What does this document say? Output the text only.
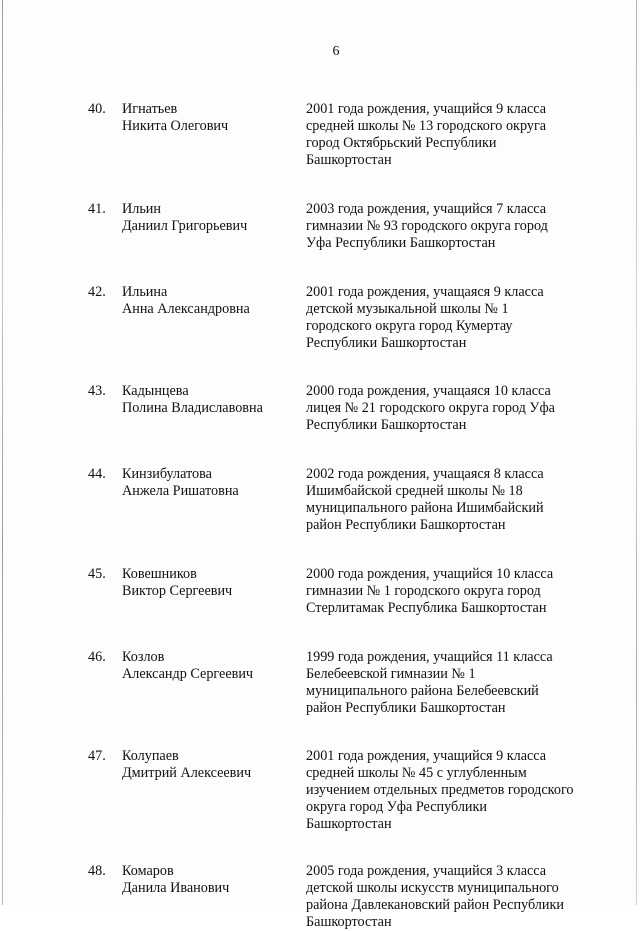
6
40.	Игнатьев
Никита Олегович
2001 года рождения, учащийся 9 класса
средней школы № 13 городского округа
город Октябрьский Республики
Башкортостан
41.	Ильин
Даниил Григорьевич
2003 года рождения, учащийся 7 класса
гимназии № 93 городского округа город
Уфа Республики Башкортостан
42.	Ильина
Анна Александровна
2001 года рождения, учащаяся 9 класса
детской музыкальной школы № 1
городского округа город Кумертау
Республики Башкортостан
43.	Кадынцева
Полина Владиславовна
2000 года рождения, учащаяся 10 класса
лицея № 21 городского округа город Уфа
Республики Башкортостан
44.	Кинзибулатова
Анжела Ришатовна
2002 года рождения, учащаяся 8 класса
Ишимбайской средней школы № 18
муниципального района Ишимбайский
район Республики Башкортостан
45.	Ковешников
Виктор Сергеевич
2000 года рождения, учащийся 10 класса
гимназии № 1 городского округа город
Стерлитамак Республика Башкортостан
46.	Козлов
Александр Сергеевич
1999 года рождения, учащийся 11 класса
Белебеевской гимназии № 1
муниципального района Белебеевский
район Республики Башкортостан
47.	Колупаев
Дмитрий Алексеевич
2001 года рождения, учащийся 9 класса
средней школы № 45 с углубленным
изучением отдельных предметов городского
округа город Уфа Республики
Башкортостан
48.	Комаров
Данила Иванович
2005 года рождения, учащийся 3 класса
детской школы искусств муниципального
района Давлекановский район Республики
Башкортостан
